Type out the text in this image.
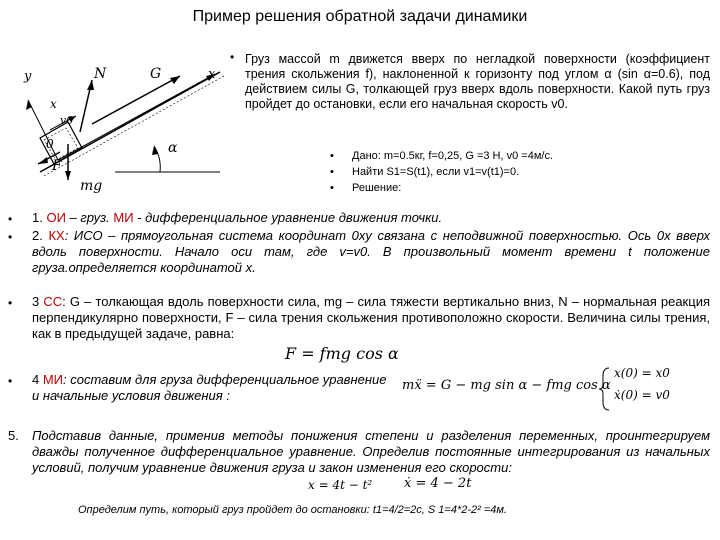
Пример решения обратной задачи динамики
y	N	G	x
x
v0
0
F
mg
α
• Груз массой m движется вверх по негладкой поверхности (коэффициент трения скольжения f), наклоненной к горизонту под углом α (sin α=0.6), под действием силы G, толкающей груз вверх вдоль поверхности. Какой путь груз пройдет до остановки, если его начальная скорость v0.
• Дано: m=0.5кг, f=0,25, G =3 H, v0 =4м/с.
• Найти S1=S(t1), если v1=v(t1)=0.
• Решение:
•
•
•
•
1. ОИ – груз. МИ - дифференциальное уравнение движения точки.
2. КХ: ИСО – прямоугольная система координат 0xy связана с неподвижной поверхностью. Ось 0x вверх вдоль поверхности. Начало оси там, где v=v0. В произвольный момент времени t положение груза.определяется координатой x.
3 СС: G – толкающая вдоль поверхности сила, mg – сила тяжести вертикально вниз, N – нормальная реакция перпендикулярно поверхности, F – сила трения скольжения противоположно скорости. Величина силы трения, как в предыдущей задаче, равна:
F = fmg cos α
4 МИ: составим для груза дифференциальное уравнение и начальные условия движения :
mẍ = G − mg sin α − fmg cos α
x(0) = x0
ẋ(0) = v0
5. Подставив данные, применив методы понижения степени и разделения переменных, проинтегрируем дважды полученное дифференциальное уравнение. Определив постоянные интегрирования из начальных условий, получим уравнение движения груза и закон изменения его скорости:
x = 4t − t² ẋ = 4 − 2t
Определим путь, который груз пройдет до остановки: t1=4/2=2с, S 1=4*2-2² =4м.
